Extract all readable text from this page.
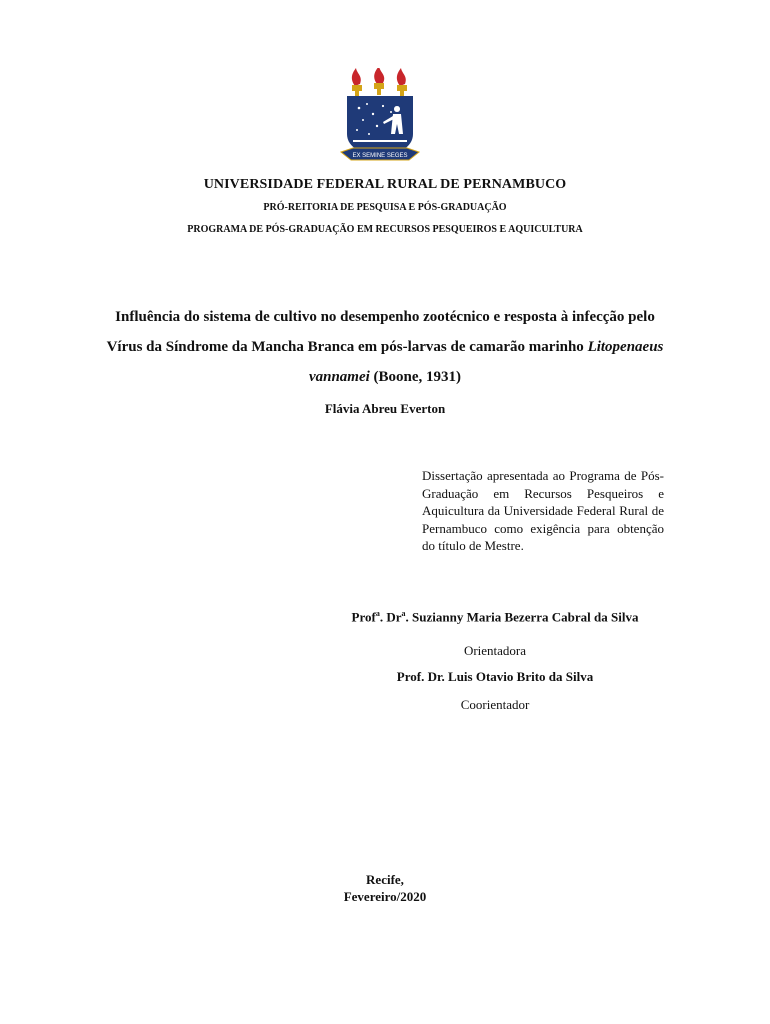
EX SEMINE SEGES
UNIVERSIDADE FEDERAL RURAL DE PERNAMBUCO
PRÓ-REITORIA DE PESQUISA E PÓS-GRADUAÇÃO
PROGRAMA DE PÓS-GRADUAÇÃO EM RECURSOS PESQUEIROS E AQUICULTURA
Influência do sistema de cultivo no desempenho zootécnico e resposta à infecção pelo Vírus da Síndrome da Mancha Branca em pós-larvas de camarão marinho Litopenaeus vannamei (Boone, 1931)
Flávia Abreu Everton
Dissertação apresentada ao Programa de Pós-Graduação em Recursos Pesqueiros e Aquicultura da Universidade Federal Rural de Pernambuco como exigência para obtenção do título de Mestre.
Prof$^a$. Dr$^a$. Suzianny Maria Bezerra Cabral da Silva
Orientadora
Prof. Dr. Luis Otavio Brito da Silva
Coorientador
Recife,
Fevereiro/2020
